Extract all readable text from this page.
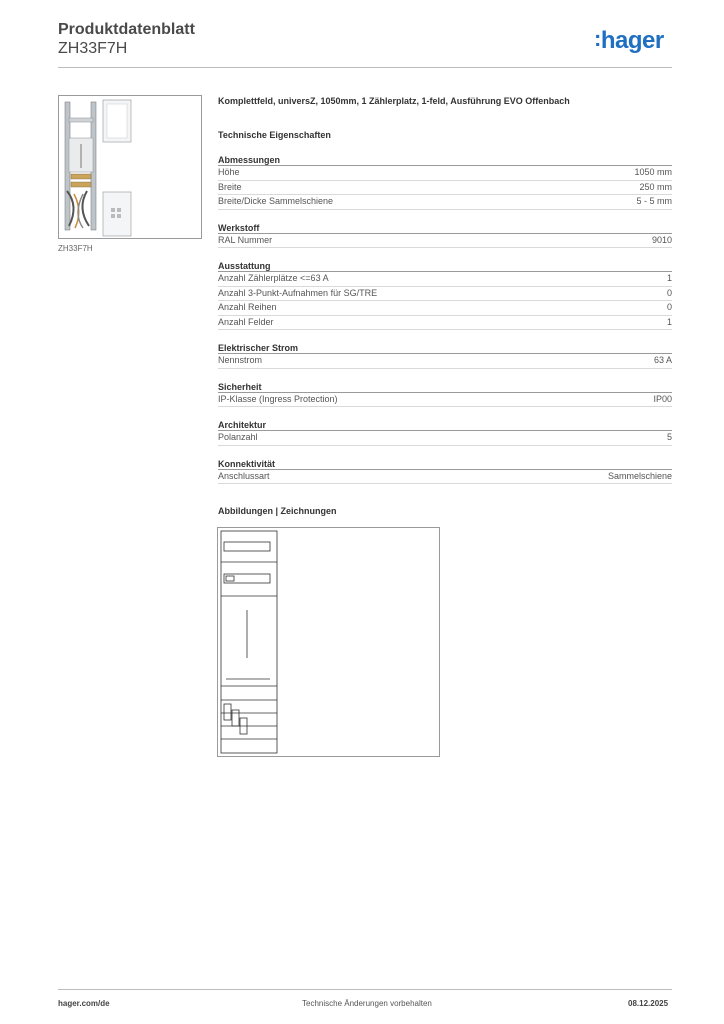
Produktdatenblatt
ZH33F7H	:hager
ZH33F7H
Komplettfeld, universZ, 1050mm, 1 Zählerplatz, 1-feld, Ausführung EVO Offenbach
Technische Eigenschaften
Abmessungen
Höhe	1050 mm
Breite	250 mm
Breite/Dicke Sammelschiene	5 - 5 mm
Werkstoff
RAL Nummer	9010
Ausstattung
Anzahl Zählerplätze <=63 A	1
Anzahl 3-Punkt-Aufnahmen für SG/TRE	0
Anzahl Reihen	0
Anzahl Felder	1
Elektrischer Strom
Nennstrom	63 A
Sicherheit
IP-Klasse (Ingress Protection)	IP00
Architektur
Polanzahl	5
Konnektivität
Anschlussart	Sammelschiene
Abbildungen | Zeichnungen
hager.com/de	Technische Änderungen vorbehalten	08.12.2025
